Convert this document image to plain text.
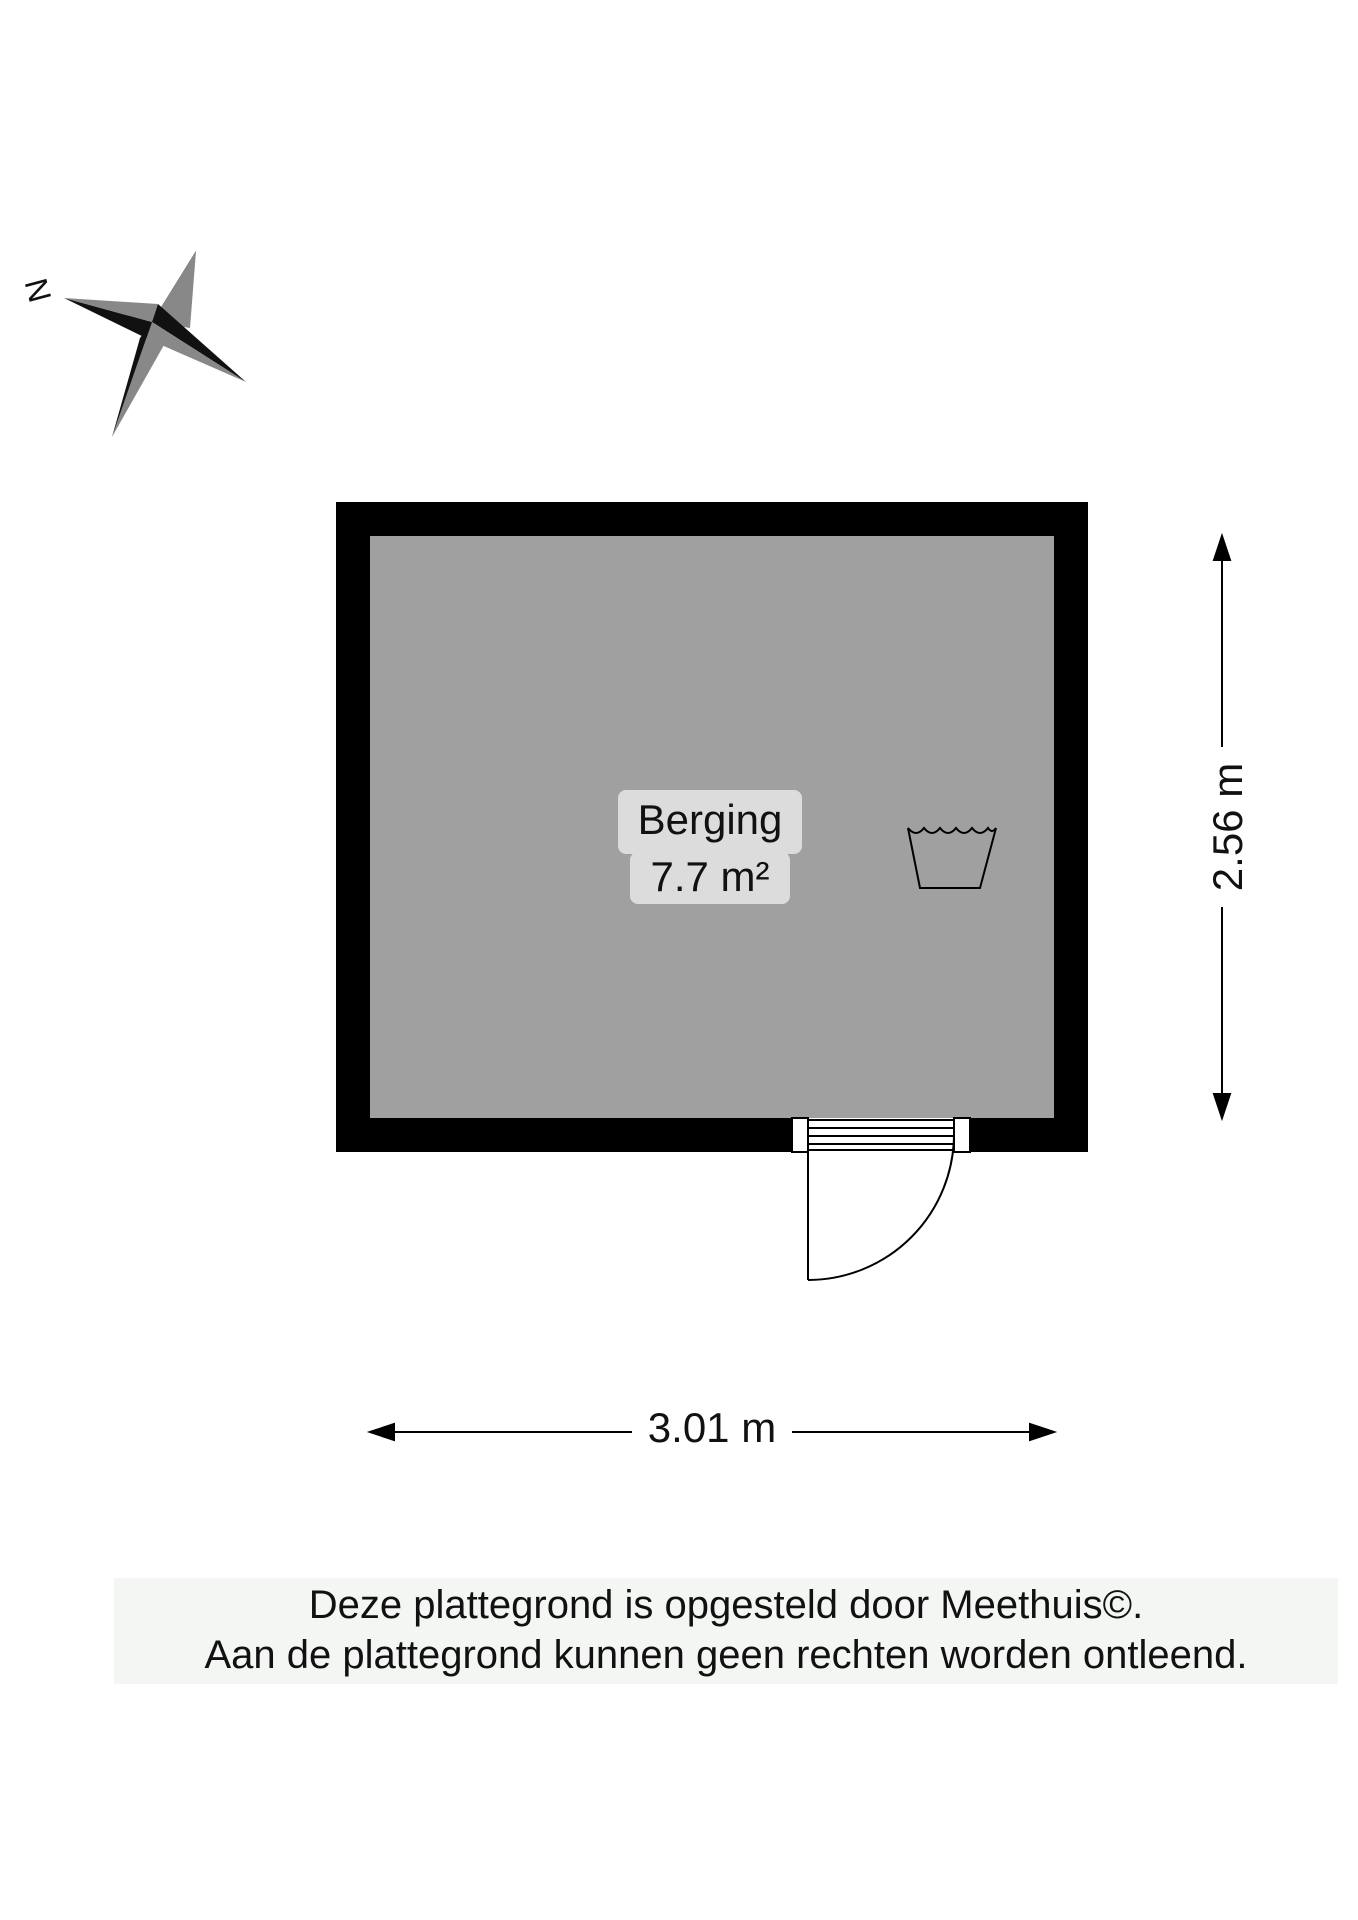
N
Berging
7.7 m²
3.01 m
2.56 m
Deze plattegrond is opgesteld door Meethuis©.
Aan de plattegrond kunnen geen rechten worden ontleend.
